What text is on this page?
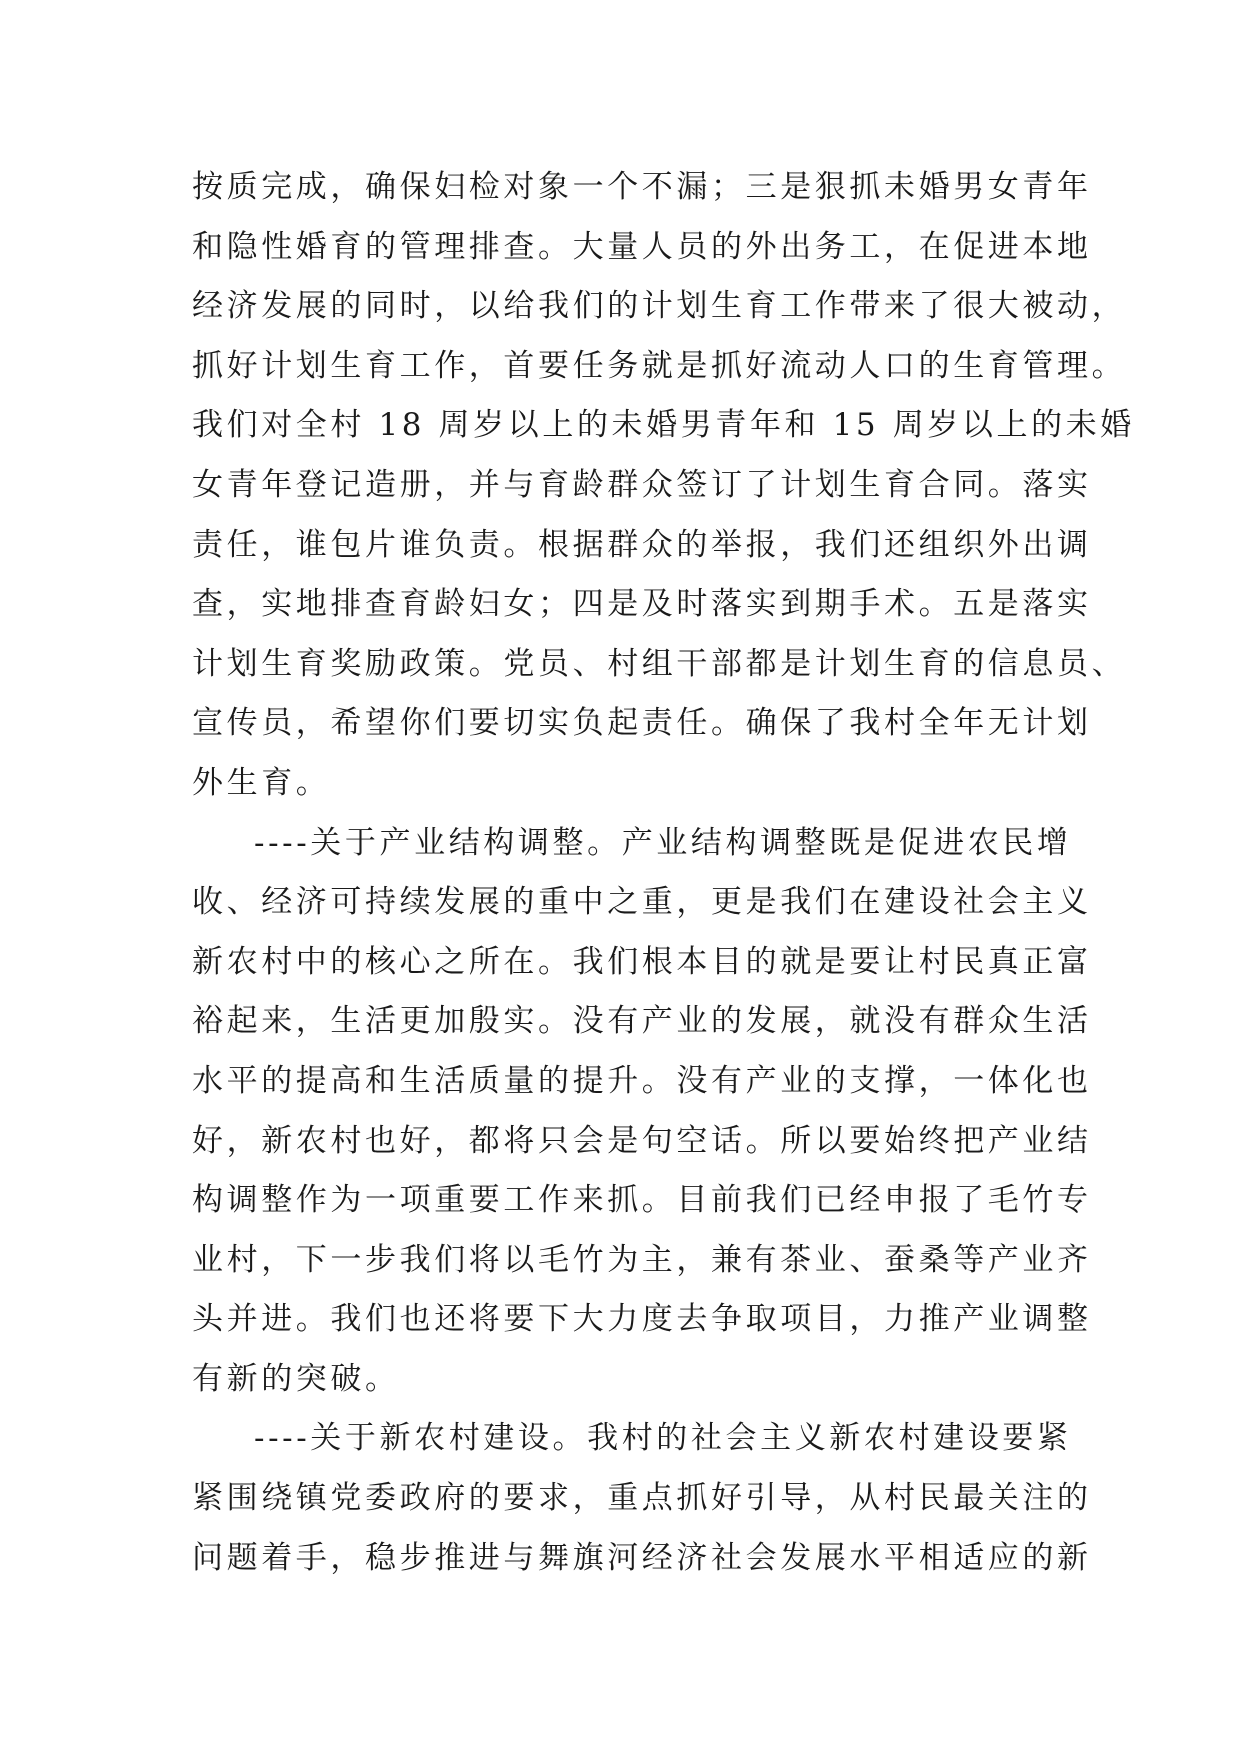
按质完成，确保妇检对象一个不漏；三是狠抓未婚男女青年
和隐性婚育的管理排查。大量人员的外出务工，在促进本地
经济发展的同时，以给我们的计划生育工作带来了很大被动，
抓好计划生育工作，首要任务就是抓好流动人口的生育管理。
我们对全村 18 周岁以上的未婚男青年和 15 周岁以上的未婚
女青年登记造册，并与育龄群众签订了计划生育合同。落实
责任，谁包片谁负责。根据群众的举报，我们还组织外出调
查，实地排查育龄妇女；四是及时落实到期手术。五是落实
计划生育奖励政策。党员、村组干部都是计划生育的信息员、
宣传员，希望你们要切实负起责任。确保了我村全年无计划
外生育。
----关于产业结构调整。产业结构调整既是促进农民增
收、经济可持续发展的重中之重，更是我们在建设社会主义
新农村中的核心之所在。我们根本目的就是要让村民真正富
裕起来，生活更加殷实。没有产业的发展，就没有群众生活
水平的提高和生活质量的提升。没有产业的支撑，一体化也
好，新农村也好，都将只会是句空话。所以要始终把产业结
构调整作为一项重要工作来抓。目前我们已经申报了毛竹专
业村，下一步我们将以毛竹为主，兼有茶业、蚕桑等产业齐
头并进。我们也还将要下大力度去争取项目，力推产业调整
有新的突破。
----关于新农村建设。我村的社会主义新农村建设要紧
紧围绕镇党委政府的要求，重点抓好引导，从村民最关注的
问题着手，稳步推进与舞旗河经济社会发展水平相适应的新
